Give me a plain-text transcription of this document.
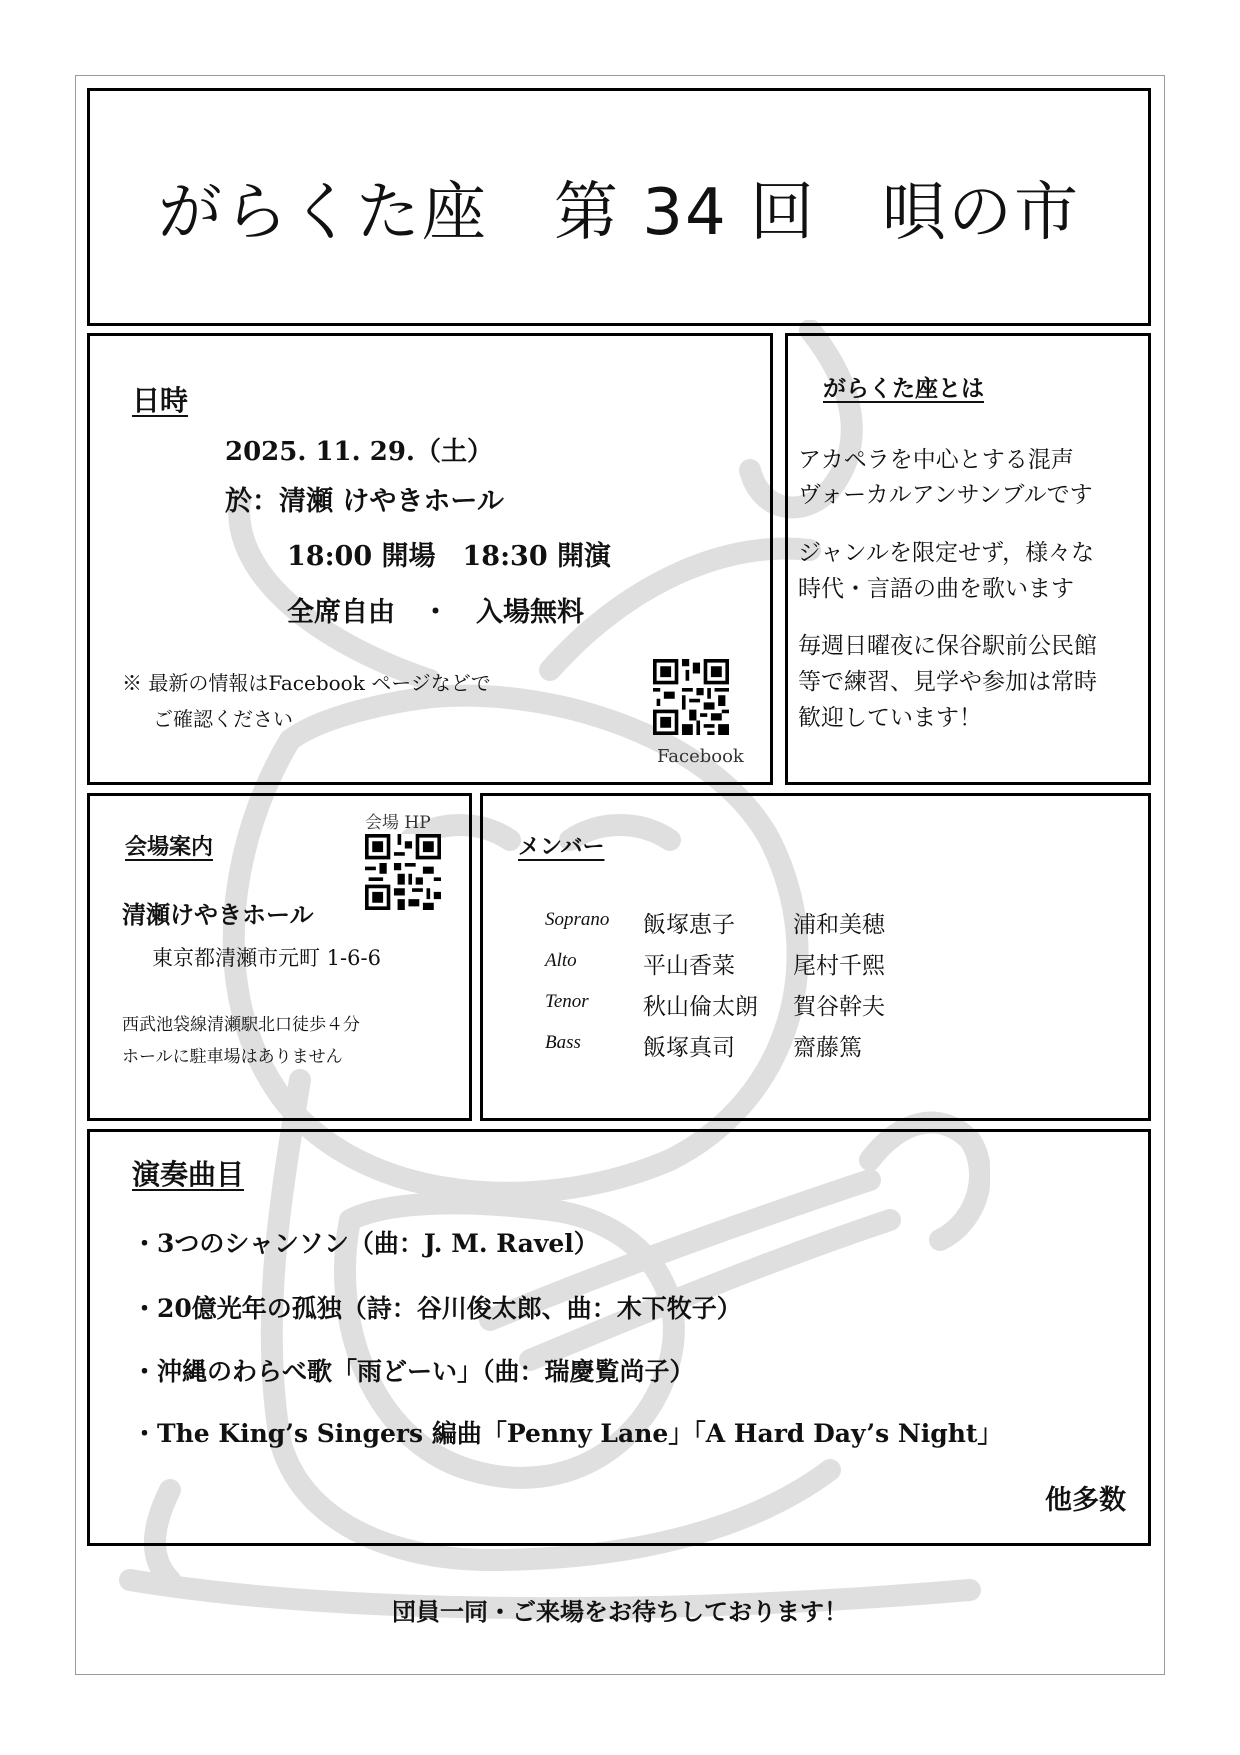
がらくた座　第 34 回　唄の市
日時
2025. 11. 29.（土）
於：清瀬 けやきホール
18:00 開場　18:30 開演
全席自由　・　入場無料
※ 最新の情報はFacebook ページなどで
ご確認ください
Facebook
がらくた座とは
アカペラを中心とする混声
ヴォーカルアンサンブルです
ジャンルを限定せず，様々な
時代・言語の曲を歌います
毎週日曜夜に保谷駅前公民館
等で練習、見学や参加は常時
歓迎しています！
会場案内
会場 HP
清瀬けやきホール
東京都清瀬市元町 1-6-6
西武池袋線清瀬駅北口徒歩４分
ホールに駐車場はありません
メンバー
Soprano 飯塚恵子	浦和美穂
Alto	平山香菜	尾村千熙
Tenor 秋山倫太朗 賀谷幹夫
Bass	飯塚真司	齋藤篤
演奏曲目
・3つのシャンソン（曲：J. M. Ravel）
・20億光年の孤独（詩：谷川俊太郎、曲：木下牧子）
・沖縄のわらべ歌「雨どーい」（曲：瑞慶覧尚子）
・The King’s Singers 編曲「Penny Lane」「A Hard Day’s Night」
他多数
団員一同・ご来場をお待ちしております！
